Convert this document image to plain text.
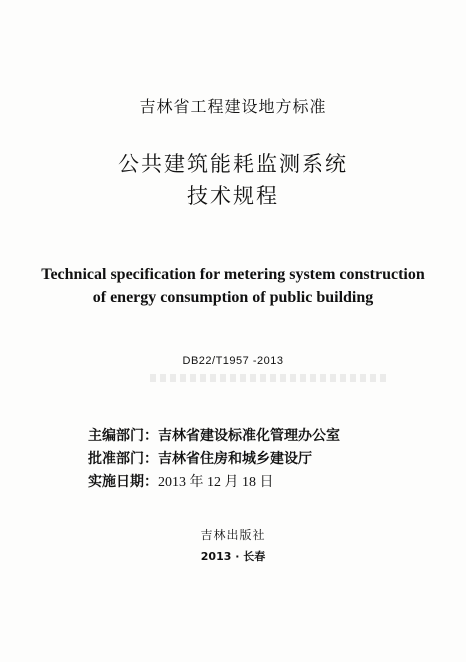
吉林省工程建设地方标准
公共建筑能耗监测系统
技术规程
Technical specification for metering system construction
of energy consumption of public building
DB22/T1957 -2013
主编部门：吉林省建设标准化管理办公室
批准部门：吉林省住房和城乡建设厅
实施日期：2013 年 12 月 18 日
吉林出版社
2013 · 长春
